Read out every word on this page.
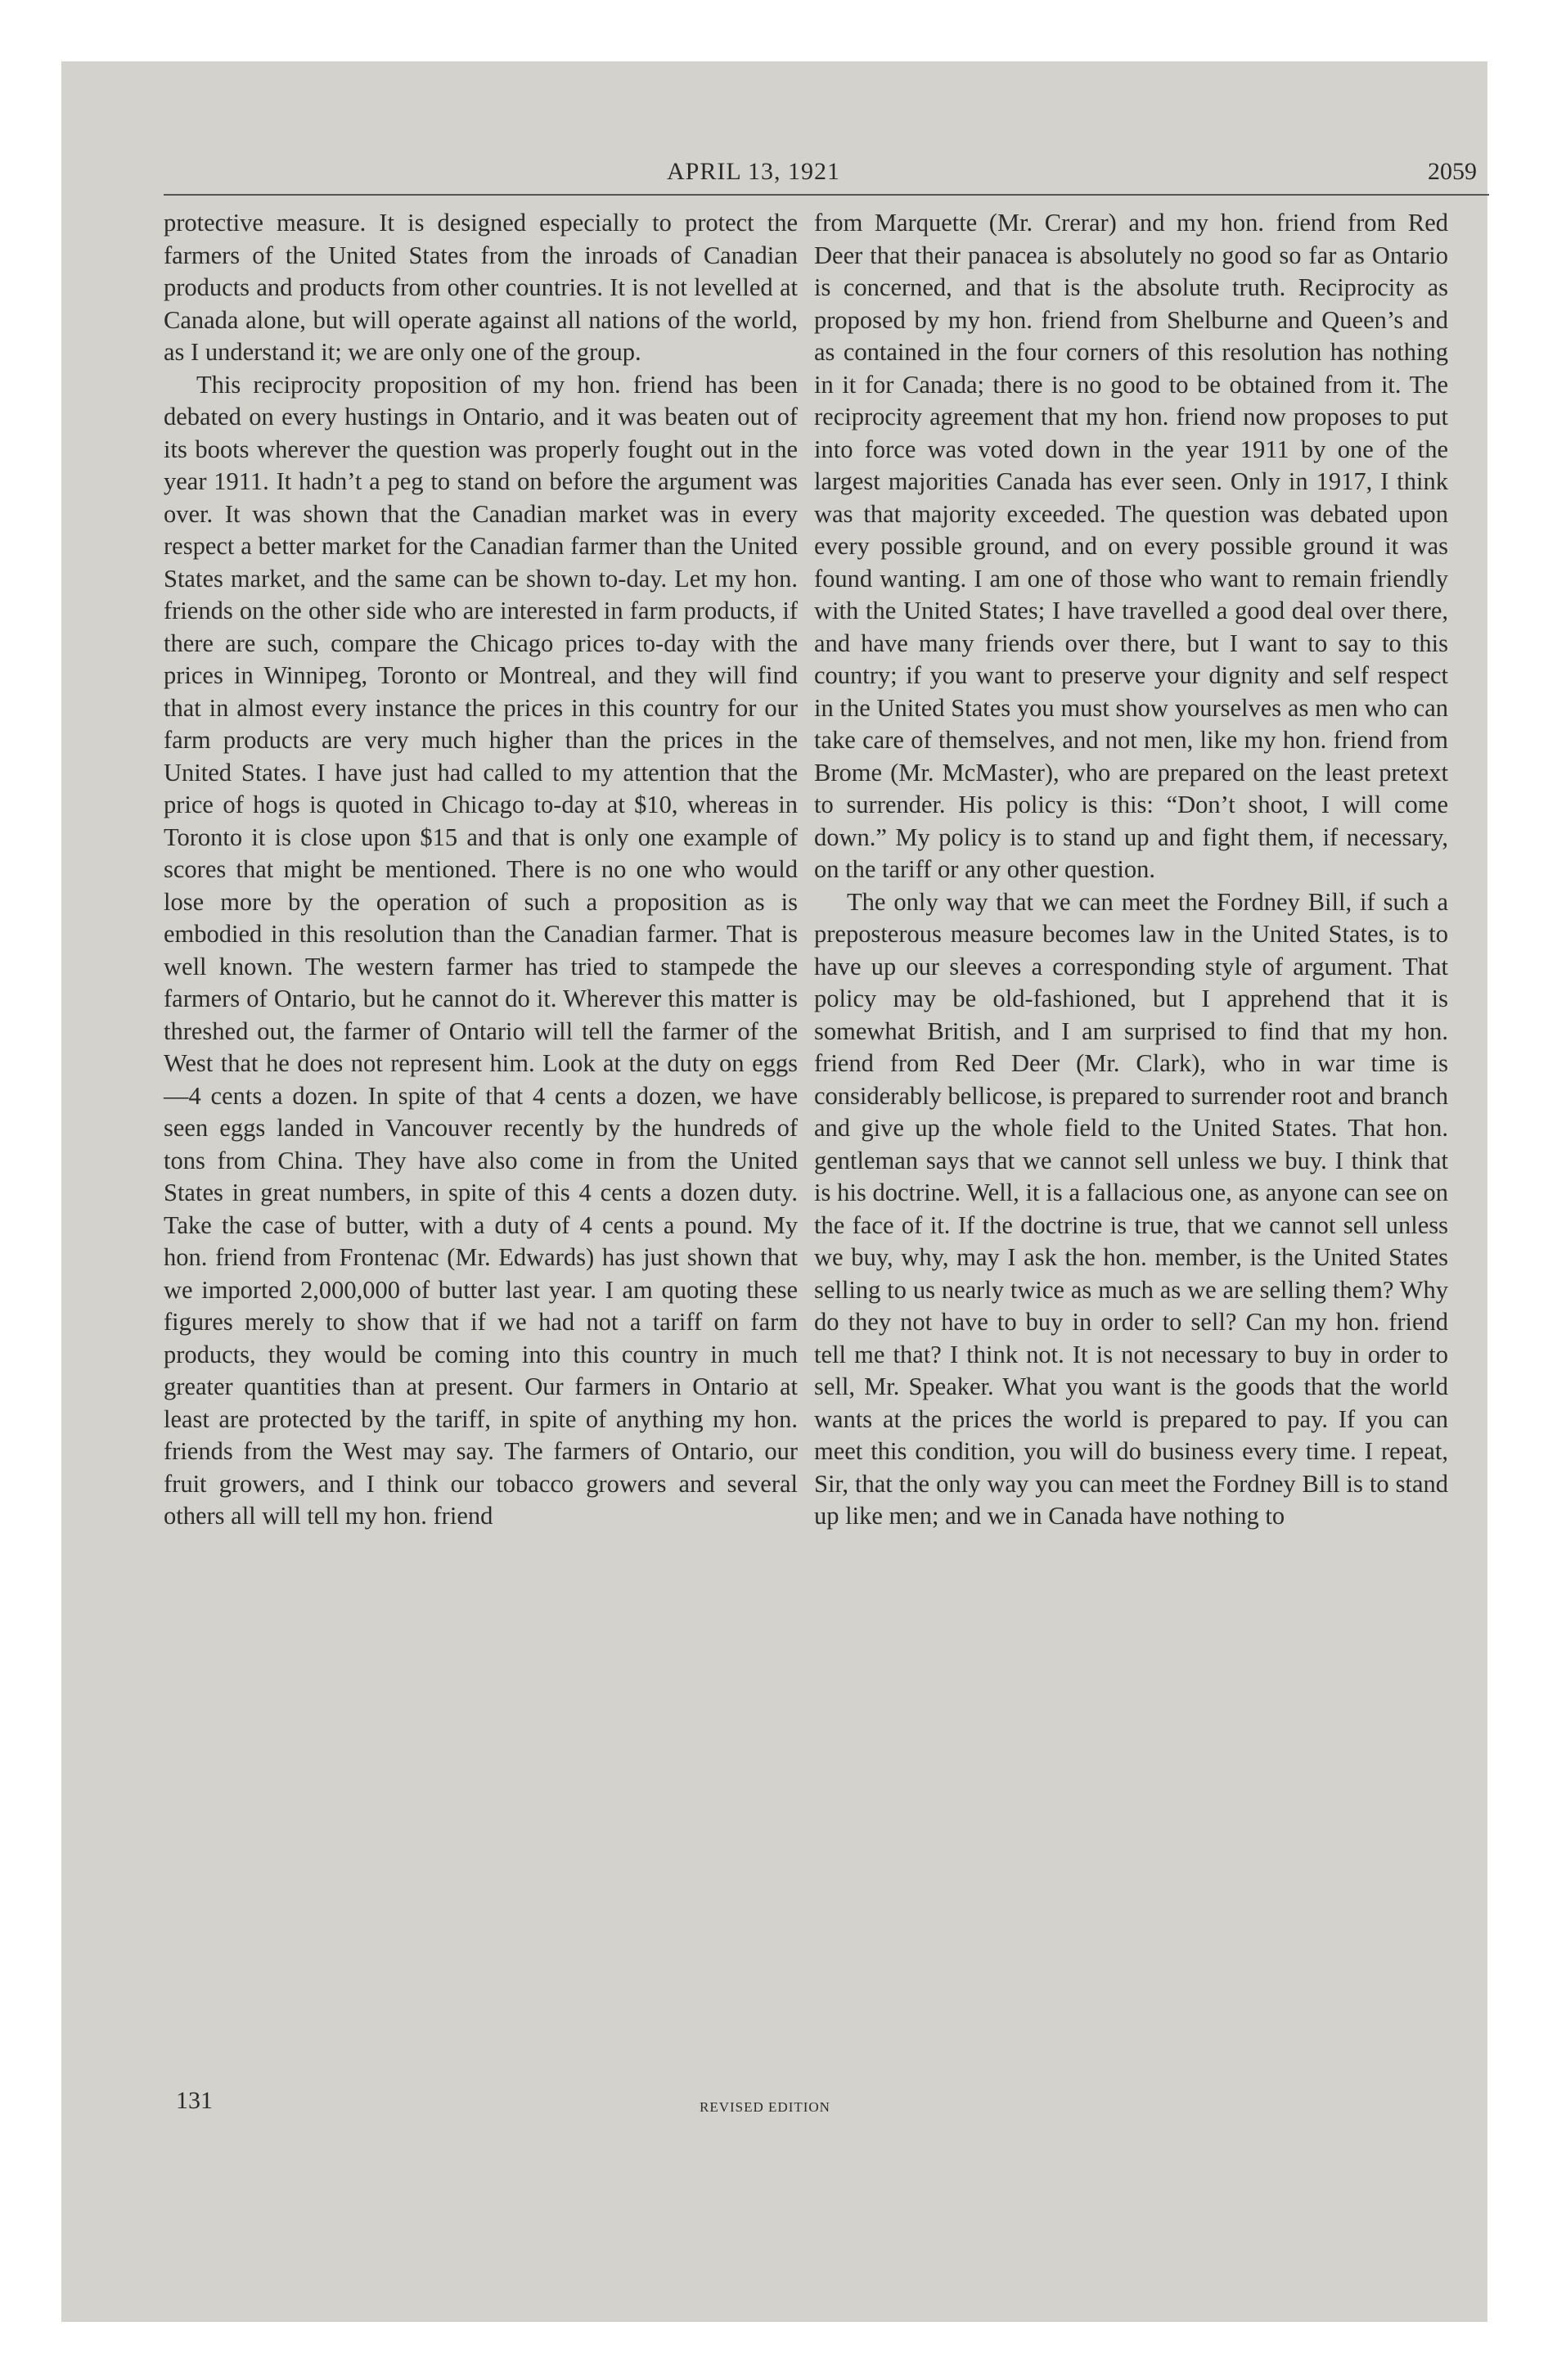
APRIL 13, 1921	2059

protective measure. It is designed especially to protect the farmers of the United States from the inroads of Canadian products and products from other countries. It is not levelled at Canada alone, but will operate against all nations of the world, as I understand it; we are only one of the group.

This reciprocity proposition of my hon. friend has been debated on every hustings in Ontario, and it was beaten out of its boots wherever the question was properly fought out in the year 1911. It hadn’t a peg to stand on before the argument was over. It was shown that the Canadian market was in every respect a better market for the Canadian farmer than the United States market, and the same can be shown to-day. Let my hon. friends on the other side who are interested in farm products, if there are such, compare the Chicago prices to-day with the prices in Winnipeg, Toronto or Montreal, and they will find that in almost every instance the prices in this country for our farm products are very much higher than the prices in the United States. I have just had called to my attention that the price of hogs is quoted in Chicago to-day at $10, whereas in Toronto it is close upon $15 and that is only one example of scores that might be mentioned. There is no one who would lose more by the operation of such a proposition as is embodied in this resolution than the Canadian farmer. That is well known. The western farmer has tried to stampede the farmers of Ontario, but he cannot do it. Wherever this matter is threshed out, the farmer of Ontario will tell the farmer of the West that he does not represent him. Look at the duty on eggs—4 cents a dozen. In spite of that 4 cents a dozen, we have seen eggs landed in Vancouver recently by the hundreds of tons from China. They have also come in from the United States in great numbers, in spite of this 4 cents a dozen duty. Take the case of butter, with a duty of 4 cents a pound. My hon. friend from Frontenac (Mr. Edwards) has just shown that we imported 2,000,000 of butter last year. I am quoting these figures merely to show that if we had not a tariff on farm products, they would be coming into this country in much greater quantities than at present. Our farmers in Ontario at least are protected by the tariff, in spite of anything my hon. friends from the West may say. The farmers of Ontario, our fruit growers, and I think our tobacco growers and several others all will tell my hon. friend

from Marquette (Mr. Crerar) and my hon. friend from Red Deer that their panacea is absolutely no good so far as Ontario is concerned, and that is the absolute truth. Reciprocity as proposed by my hon. friend from Shelburne and Queen’s and as contained in the four corners of this resolution has nothing in it for Canada; there is no good to be obtained from it. The reciprocity agreement that my hon. friend now proposes to put into force was voted down in the year 1911 by one of the largest majorities Canada has ever seen. Only in 1917, I think was that majority exceeded. The question was debated upon every possible ground, and on every possible ground it was found wanting. I am one of those who want to remain friendly with the United States; I have travelled a good deal over there, and have many friends over there, but I want to say to this country; if you want to preserve your dignity and self respect in the United States you must show yourselves as men who can take care of themselves, and not men, like my hon. friend from Brome (Mr. McMaster), who are prepared on the least pretext to surrender. His policy is this: “Don’t shoot, I will come down.” My policy is to stand up and fight them, if necessary, on the tariff or any other question.

The only way that we can meet the Fordney Bill, if such a preposterous measure becomes law in the United States, is to have up our sleeves a corresponding style of argument. That policy may be old-fashioned, but I apprehend that it is somewhat British, and I am surprised to find that my hon. friend from Red Deer (Mr. Clark), who in war time is considerably bellicose, is prepared to surrender root and branch and give up the whole field to the United States. That hon. gentleman says that we cannot sell unless we buy. I think that is his doctrine. Well, it is a fallacious one, as anyone can see on the face of it. If the doctrine is true, that we cannot sell unless we buy, why, may I ask the hon. member, is the United States selling to us nearly twice as much as we are selling them? Why do they not have to buy in order to sell? Can my hon. friend tell me that? I think not. It is not necessary to buy in order to sell, Mr. Speaker. What you want is the goods that the world wants at the prices the world is prepared to pay. If you can meet this condition, you will do business every time. I repeat, Sir, that the only way you can meet the Fordney Bill is to stand up like men; and we in Canada have nothing to

131	REVISED EDITION
